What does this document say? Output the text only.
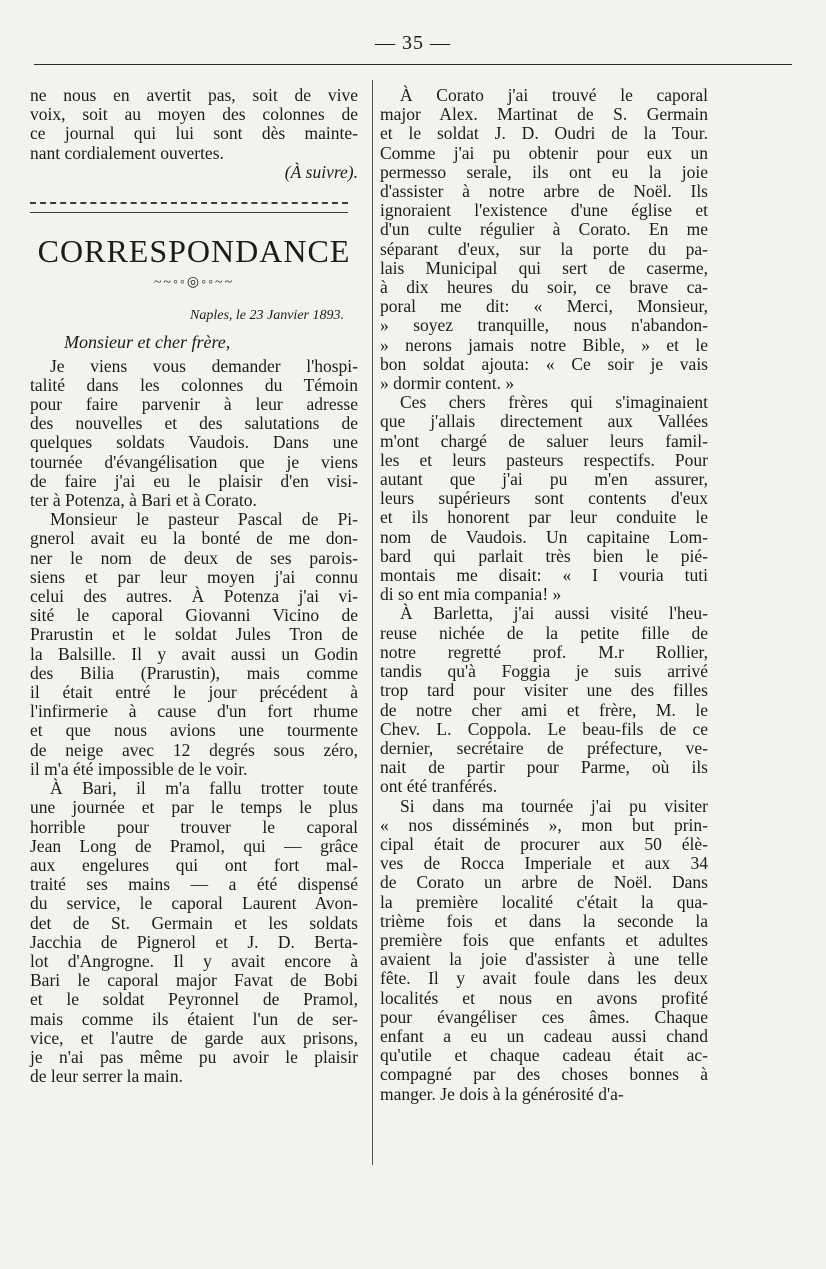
— 35 —
ne nous en avertit pas, soit de vive
voix, soit au moyen des colonnes de
ce journal qui lui sont dès mainte-
nant cordialement ouvertes.

(À suivre).

CORRESPONDANCE
~~◦◦◎◦◦~~
Naples, le 23 Janvier 1893.
Monsieur et cher frère,
Je viens vous demander l'hospi-
talité dans les colonnes du Témoin
pour faire parvenir à leur adresse
des nouvelles et des salutations de
quelques soldats Vaudois. Dans une
tournée d'évangélisation que je viens
de faire j'ai eu le plaisir d'en visi-
ter à Potenza, à Bari et à Corato.
Monsieur le pasteur Pascal de Pi-
gnerol avait eu la bonté de me don-
ner le nom de deux de ses parois-
siens et par leur moyen j'ai connu
celui des autres. À Potenza j'ai vi-
sité le caporal Giovanni Vicino de
Prarustin et le soldat Jules Tron de
la Balsille. Il y avait aussi un Godin
des Bilia (Prarustin), mais comme
il était entré le jour précédent à
l'infirmerie à cause d'un fort rhume
et que nous avions une tourmente
de neige avec 12 degrés sous zéro,
il m'a été impossible de le voir.
À Bari, il m'a fallu trotter toute
une journée et par le temps le plus
horrible pour trouver le caporal
Jean Long de Pramol, qui — grâce
aux engelures qui ont fort mal-
traité ses mains — a été dispensé
du service, le caporal Laurent Avon-
det de St. Germain et les soldats
Jacchia de Pignerol et J. D. Berta-
lot d'Angrogne. Il y avait encore à
Bari le caporal major Favat de Bobi
et le soldat Peyronnel de Pramol,
mais comme ils étaient l'un de ser-
vice, et l'autre de garde aux prisons,
je n'ai pas même pu avoir le plaisir
de leur serrer la main.
À Corato j'ai trouvé le caporal
major Alex. Martinat de S. Germain
et le soldat J. D. Oudri de la Tour.
Comme j'ai pu obtenir pour eux un
permesso serale, ils ont eu la joie
d'assister à notre arbre de Noël. Ils
ignoraient l'existence d'une église et
d'un culte régulier à Corato. En me
séparant d'eux, sur la porte du pa-
lais Municipal qui sert de caserme,
à dix heures du soir, ce brave ca-
poral me dit: « Merci, Monsieur,
» soyez tranquille, nous n'abandon-
» nerons jamais notre Bible, » et le
bon soldat ajouta: « Ce soir je vais
» dormir content. »
Ces chers frères qui s'imaginaient
que j'allais directement aux Vallées
m'ont chargé de saluer leurs famil-
les et leurs pasteurs respectifs. Pour
autant que j'ai pu m'en assurer,
leurs supérieurs sont contents d'eux
et ils honorent par leur conduite le
nom de Vaudois. Un capitaine Lom-
bard qui parlait très bien le pié-
montais me disait: « I vouria tuti
di so ent mia compania! »
À Barletta, j'ai aussi visité l'heu-
reuse nichée de la petite fille de
notre regretté prof. M.r Rollier,
tandis qu'à Foggia je suis arrivé
trop tard pour visiter une des filles
de notre cher ami et frère, M. le
Chev. L. Coppola. Le beau-fils de ce
dernier, secrétaire de préfecture, ve-
nait de partir pour Parme, où ils
ont été tranférés.
Si dans ma tournée j'ai pu visiter
« nos disséminés », mon but prin-
cipal était de procurer aux 50 élè-
ves de Rocca Imperiale et aux 34
de Corato un arbre de Noël. Dans
la première localité c'était la qua-
trième fois et dans la seconde la
première fois que enfants et adultes
avaient la joie d'assister à une telle
fête. Il y avait foule dans les deux
localités et nous en avons profité
pour évangéliser ces âmes. Chaque
enfant a eu un cadeau aussi chand
qu'utile et chaque cadeau était ac-
compagné par des choses bonnes à
manger. Je dois à la générosité d'a-
